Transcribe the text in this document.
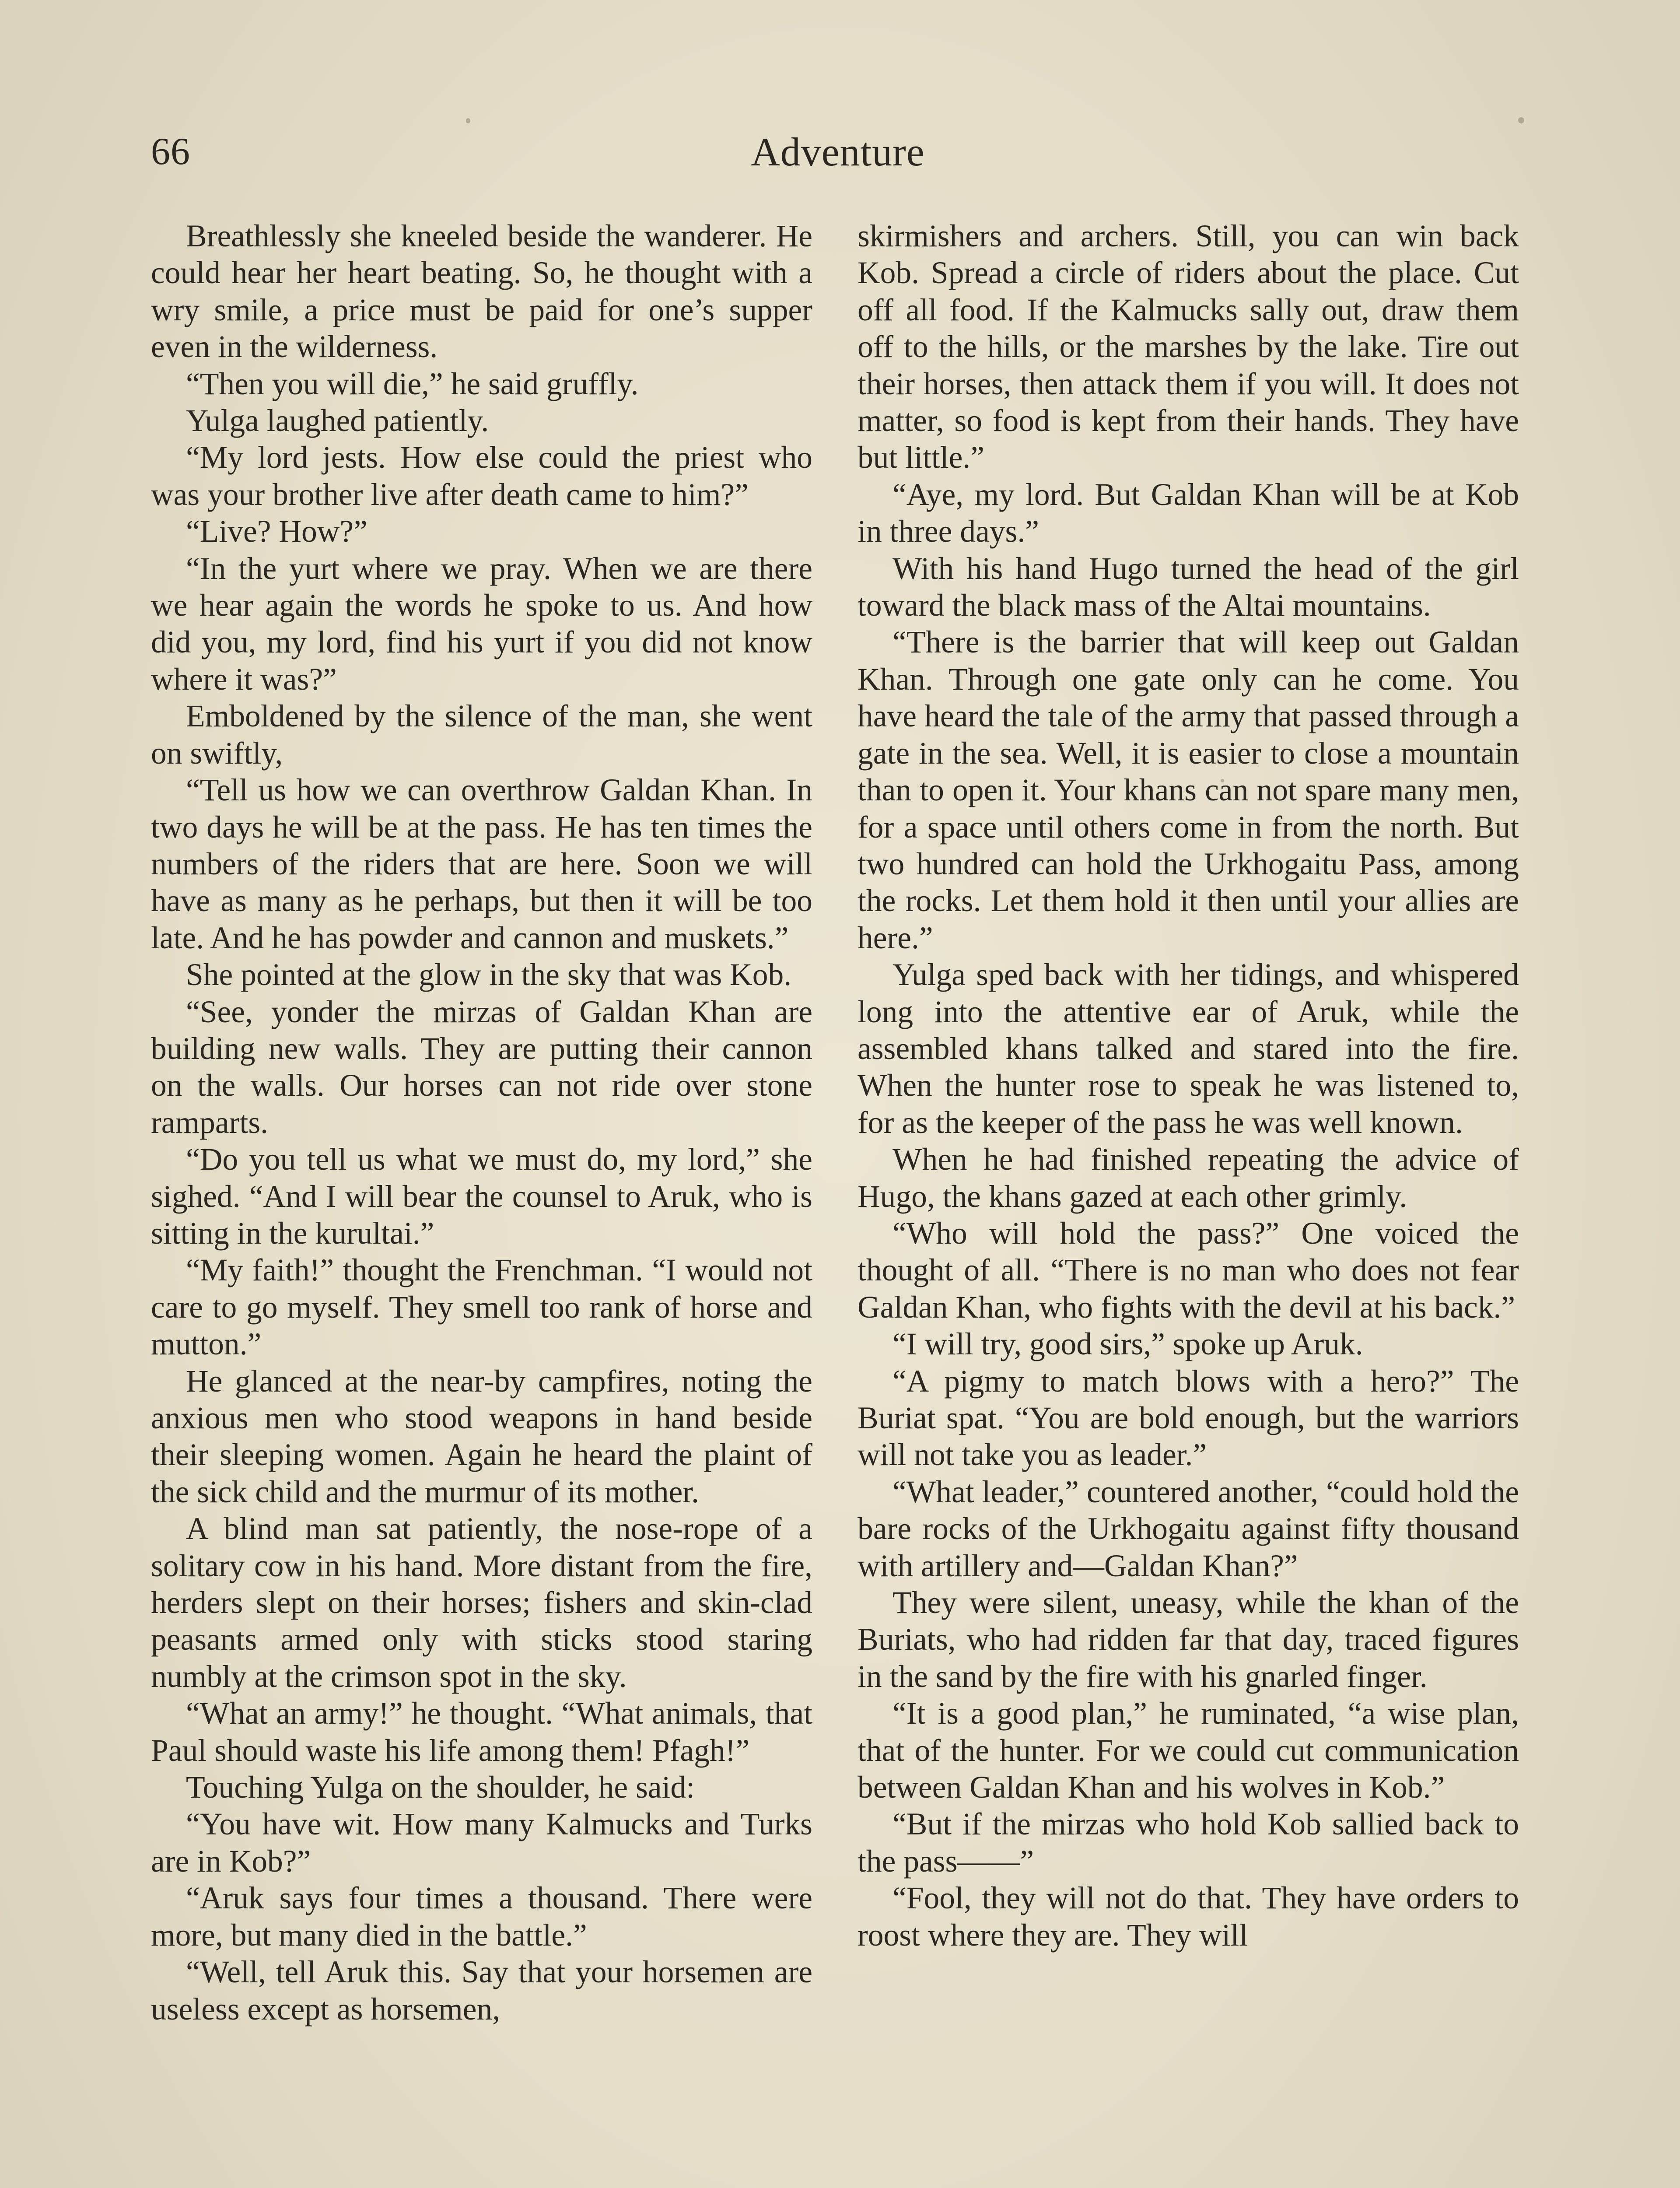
66	Adventure

Breathlessly she kneeled beside the wanderer. He could hear her heart beating. So, he thought with a wry smile, a price must be paid for one’s supper even in the wilderness.

“Then you will die,” he said gruffly.

Yulga laughed patiently.

“My lord jests. How else could the priest who was your brother live after death came to him?”

“Live? How?”

“In the yurt where we pray. When we are there we hear again the words he spoke to us. And how did you, my lord, find his yurt if you did not know where it was?”

Emboldened by the silence of the man, she went on swiftly,

“Tell us how we can overthrow Galdan Khan. In two days he will be at the pass. He has ten times the numbers of the riders that are here. Soon we will have as many as he perhaps, but then it will be too late. And he has powder and cannon and muskets.”

She pointed at the glow in the sky that was Kob.

“See, yonder the mirzas of Galdan Khan are building new walls. They are putting their cannon on the walls. Our horses can not ride over stone ramparts.

“Do you tell us what we must do, my lord,” she sighed. “And I will bear the counsel to Aruk, who is sitting in the kurultai.”

“My faith!” thought the Frenchman. “I would not care to go myself. They smell too rank of horse and mutton.”

He glanced at the near-by campfires, noting the anxious men who stood weapons in hand beside their sleeping women. Again he heard the plaint of the sick child and the murmur of its mother.

A blind man sat patiently, the nose-rope of a solitary cow in his hand. More distant from the fire, herders slept on their horses; fishers and skin-clad peasants armed only with sticks stood staring numbly at the crimson spot in the sky.

“What an army!” he thought. “What animals, that Paul should waste his life among them! Pfagh!”

Touching Yulga on the shoulder, he said:

“You have wit. How many Kalmucks and Turks are in Kob?”

“Aruk says four times a thousand. There were more, but many died in the battle.”

“Well, tell Aruk this. Say that your horsemen are useless except as horsemen,

skirmishers and archers. Still, you can win back Kob. Spread a circle of riders about the place. Cut off all food. If the Kalmucks sally out, draw them off to the hills, or the marshes by the lake. Tire out their horses, then attack them if you will. It does not matter, so food is kept from their hands. They have but little.”

“Aye, my lord. But Galdan Khan will be at Kob in three days.”

With his hand Hugo turned the head of the girl toward the black mass of the Altai mountains.

“There is the barrier that will keep out Galdan Khan. Through one gate only can he come. You have heard the tale of the army that passed through a gate in the sea. Well, it is easier to close a mountain than to open it. Your khans can not spare many men, for a space until others come in from the north. But two hundred can hold the Urkhogaitu Pass, among the rocks. Let them hold it then until your allies are here.”

Yulga sped back with her tidings, and whispered long into the attentive ear of Aruk, while the assembled khans talked and stared into the fire. When the hunter rose to speak he was listened to, for as the keeper of the pass he was well known.

When he had finished repeating the advice of Hugo, the khans gazed at each other grimly.

“Who will hold the pass?” One voiced the thought of all. “There is no man who does not fear Galdan Khan, who fights with the devil at his back.”

“I will try, good sirs,” spoke up Aruk.

“A pigmy to match blows with a hero?” The Buriat spat. “You are bold enough, but the warriors will not take you as leader.”

“What leader,” countered another, “could hold the bare rocks of the Urkhogaitu against fifty thousand with artillery and—Galdan Khan?”

They were silent, uneasy, while the khan of the Buriats, who had ridden far that day, traced figures in the sand by the fire with his gnarled finger.

“It is a good plan,” he ruminated, “a wise plan, that of the hunter. For we could cut communication between Galdan Khan and his wolves in Kob.”

“But if the mirzas who hold Kob sallied back to the pass——”

“Fool, they will not do that. They have orders to roost where they are. They will
